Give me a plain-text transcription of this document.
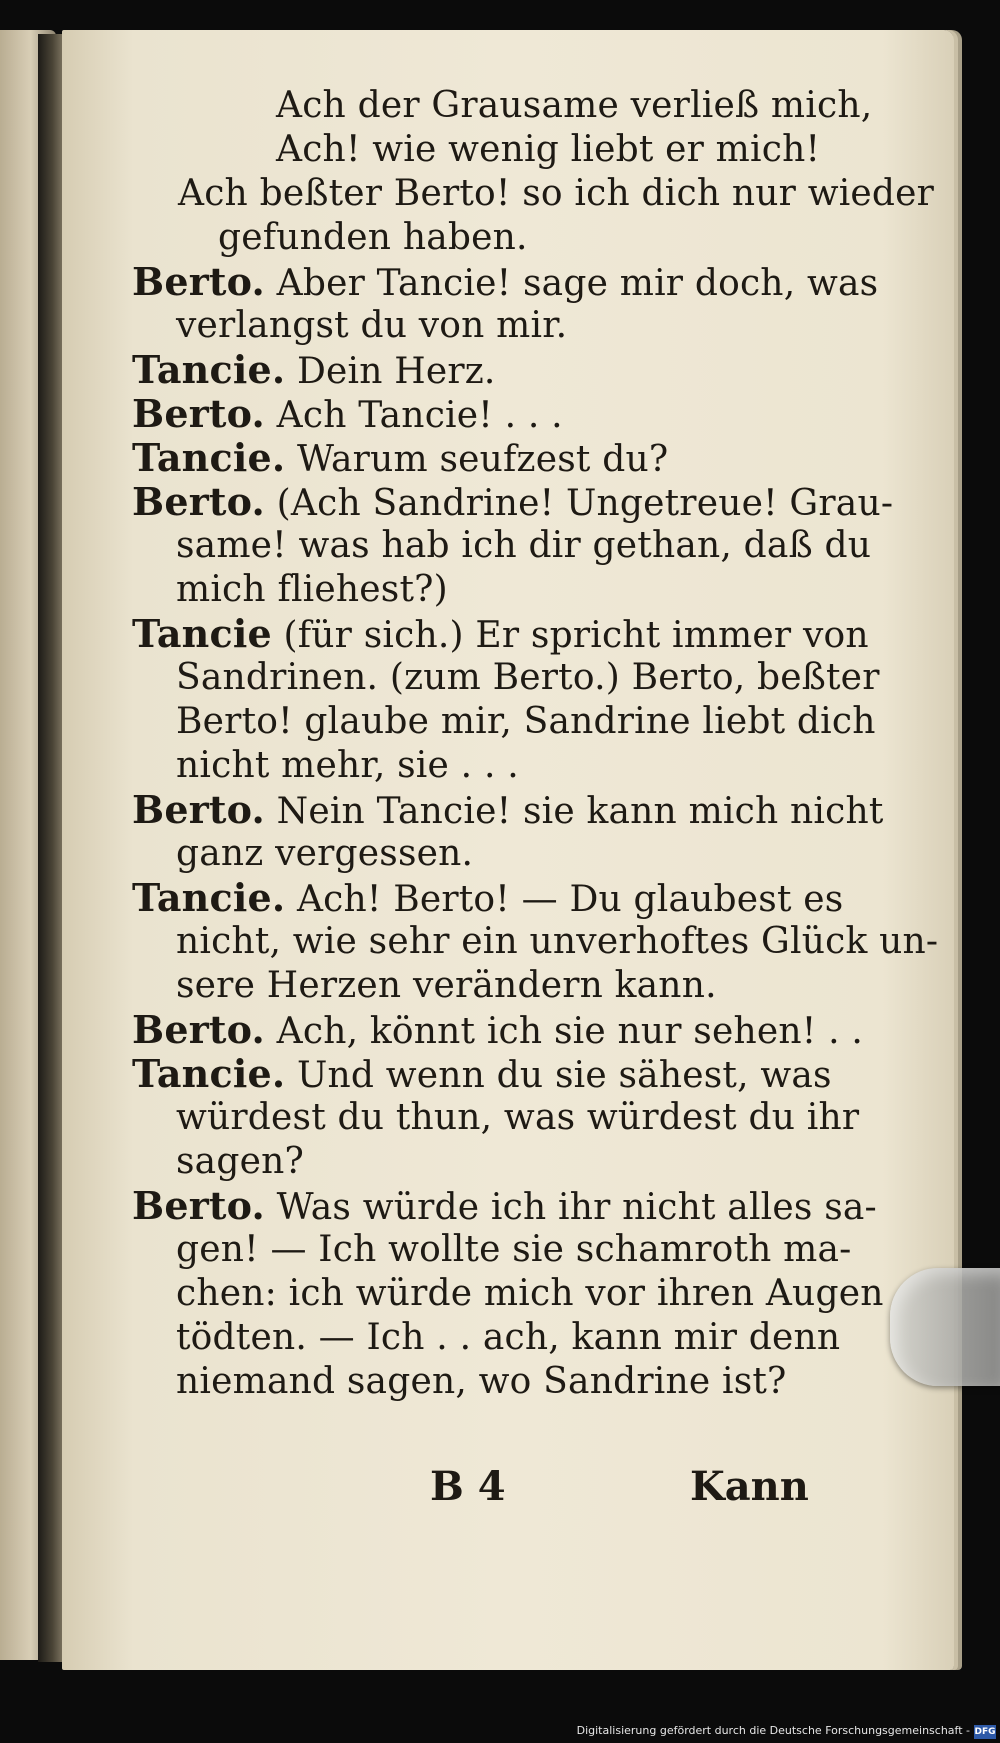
Ach der Grausame verließ mich,
Ach! wie wenig liebt er mich!
Ach beßter Berto! so ich dich nur wieder
gefunden haben.
Berto. Aber Tancie! sage mir doch, was
verlangst du von mir.
Tancie. Dein Herz.
Berto. Ach Tancie! . . .
Tancie. Warum seufzest du?
Berto. (Ach Sandrine! Ungetreue! Grau-
same! was hab ich dir gethan, daß du
mich fliehest?)
Tancie (für sich.) Er spricht immer von
Sandrinen. (zum Berto.) Berto, beßter
Berto! glaube mir, Sandrine liebt dich
nicht mehr, sie . . .
Berto. Nein Tancie! sie kann mich nicht
ganz vergessen.
Tancie. Ach! Berto! — Du glaubest es
nicht, wie sehr ein unverhoftes Glück un-
sere Herzen verändern kann.
Berto. Ach, könnt ich sie nur sehen! . .
Tancie. Und wenn du sie sähest, was
würdest du thun, was würdest du ihr
sagen?
Berto. Was würde ich ihr nicht alles sa-
gen! — Ich wollte sie schamroth ma-
chen: ich würde mich vor ihren Augen
tödten. — Ich . . ach, kann mir denn
niemand sagen, wo Sandrine ist?
B 4	Kann
Digitalisierung gefördert durch die Deutsche Forschungsgemeinschaft - DFG
